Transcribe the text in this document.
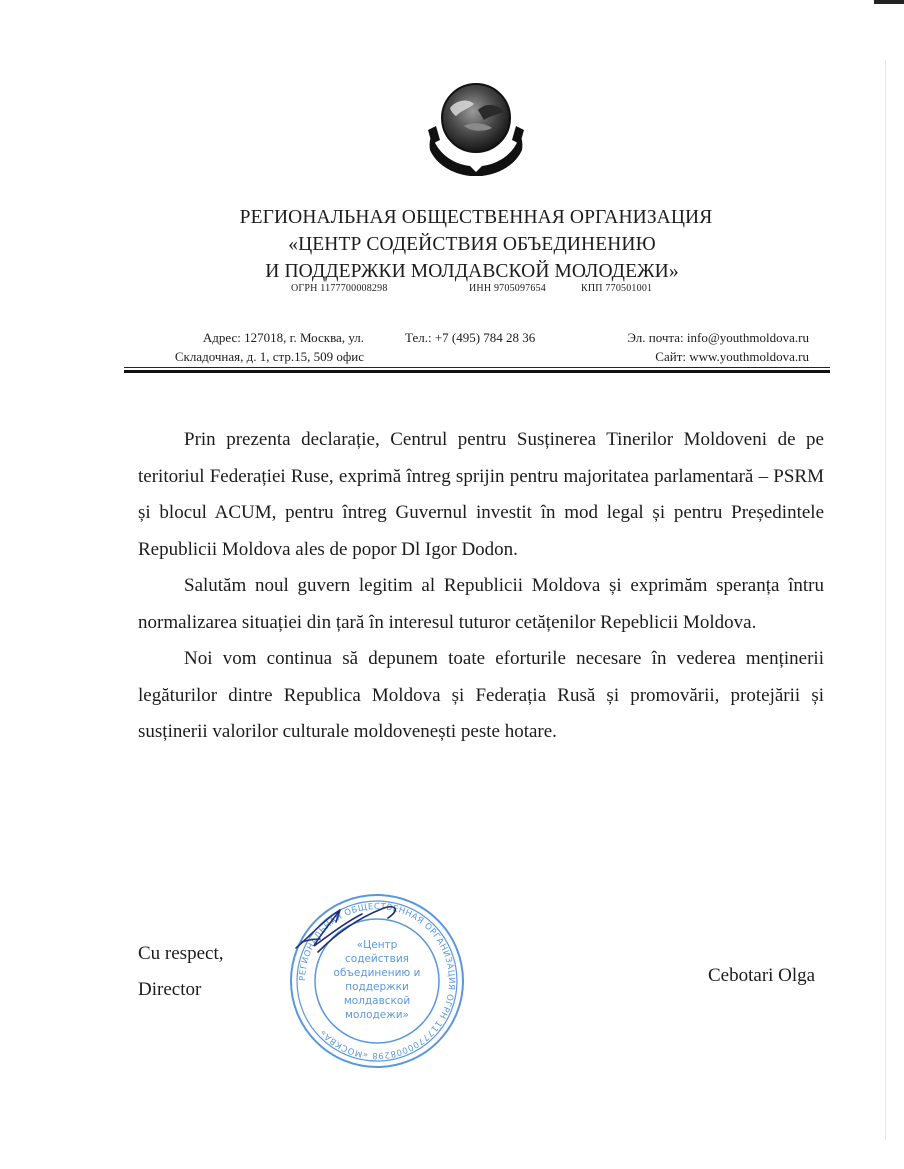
РЕГИОНАЛЬНАЯ ОБЩЕСТВЕННАЯ ОРГАНИЗАЦИЯ
«ЦЕНТР СОДЕЙСТВИЯ ОБЪЕДИНЕНИЮ
И ПОДДЕРЖКИ МОЛДАВСКОЙ МОЛОДЕЖИ»
ОГРН 1177700008298	ИНН 9705097654	КПП 770501001
Адрес: 127018, г. Москва, ул.
Складочная, д. 1, стр.15, 509 офис
Тел.: +7 (495) 784 28 36	Эл. почта: info@youthmoldova.ru
Сайт: www.youthmoldova.ru

Prin prezenta declarație, Centrul pentru Susținerea Tinerilor Moldoveni de pe teritoriul Federației Ruse, exprimă întreg sprijin pentru majoritatea parlamentară – PSRM și blocul ACUM, pentru întreg Guvernul investit în mod legal și pentru Președintele Republicii Moldova ales de popor Dl Igor Dodon.

Salutăm noul guvern legitim al Republicii Moldova și exprimăm speranța întru normalizarea situației din țară în interesul tuturor cetățenilor Repeblicii Moldova.

Noi vom continua să depunem toate eforturile necesare în vederea menținerii legăturilor dintre Republica Moldova și Federația Rusă și promovării, protejării și susținerii valorilor culturale moldovenești peste hotare.

Cu respect,
Director
Cebotari Olga
РЕГИОНАЛЬНАЯ ОБЩЕСТВЕННАЯ ОРГАНИЗАЦИЯ ОГРН 1177700008298 «МОСКВА»
«Центр
содействия
объединению и
поддержки
молдавской
молодежи»
